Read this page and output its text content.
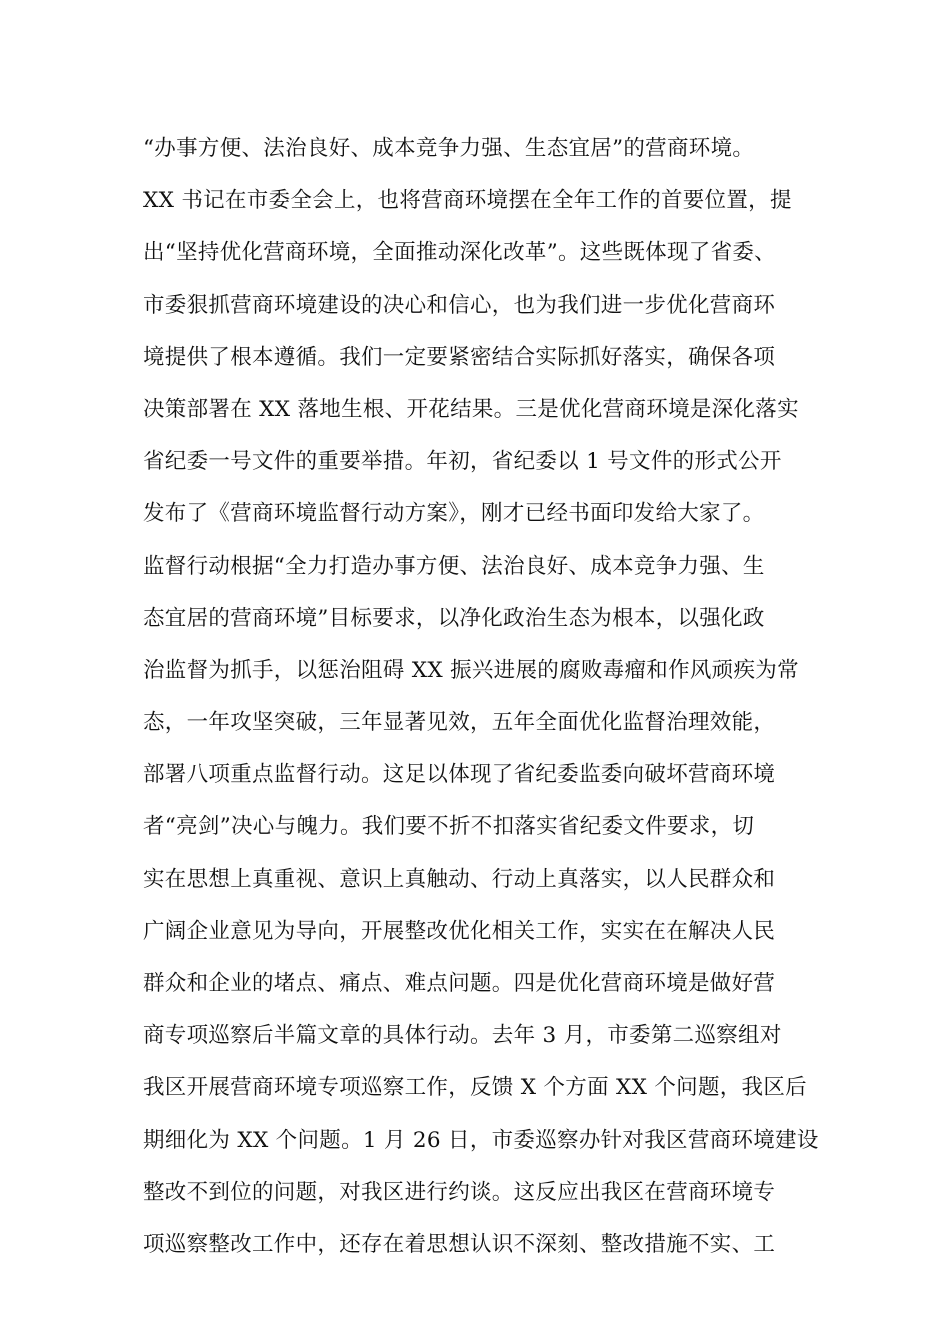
“办事方便、法治良好、成本竞争力强、生态宜居”的营商环境。
XX 书记在市委全会上，也将营商环境摆在全年工作的首要位置，提
出“坚持优化营商环境，全面推动深化改革”。这些既体现了省委、
市委狠抓营商环境建设的决心和信心，也为我们进一步优化营商环
境提供了根本遵循。我们一定要紧密结合实际抓好落实，确保各项
决策部署在 XX 落地生根、开花结果。三是优化营商环境是深化落实
省纪委一号文件的重要举措。年初，省纪委以 1 号文件的形式公开
发布了《营商环境监督行动方案》，刚才已经书面印发给大家了。
监督行动根据“全力打造办事方便、法治良好、成本竞争力强、生
态宜居的营商环境”目标要求，以净化政治生态为根本，以强化政
治监督为抓手，以惩治阻碍 XX 振兴进展的腐败毒瘤和作风顽疾为常
态，一年攻坚突破，三年显著见效，五年全面优化监督治理效能，
部署八项重点监督行动。这足以体现了省纪委监委向破坏营商环境
者“亮剑”决心与魄力。我们要不折不扣落实省纪委文件要求，切
实在思想上真重视、意识上真触动、行动上真落实，以人民群众和
广阔企业意见为导向，开展整改优化相关工作，实实在在解决人民
群众和企业的堵点、痛点、难点问题。四是优化营商环境是做好营
商专项巡察后半篇文章的具体行动。去年 3 月，市委第二巡察组对
我区开展营商环境专项巡察工作，反馈 X 个方面 XX 个问题，我区后
期细化为 XX 个问题。1 月 26 日，市委巡察办针对我区营商环境建设
整改不到位的问题，对我区进行约谈。这反应出我区在营商环境专
项巡察整改工作中，还存在着思想认识不深刻、整改措施不实、工
